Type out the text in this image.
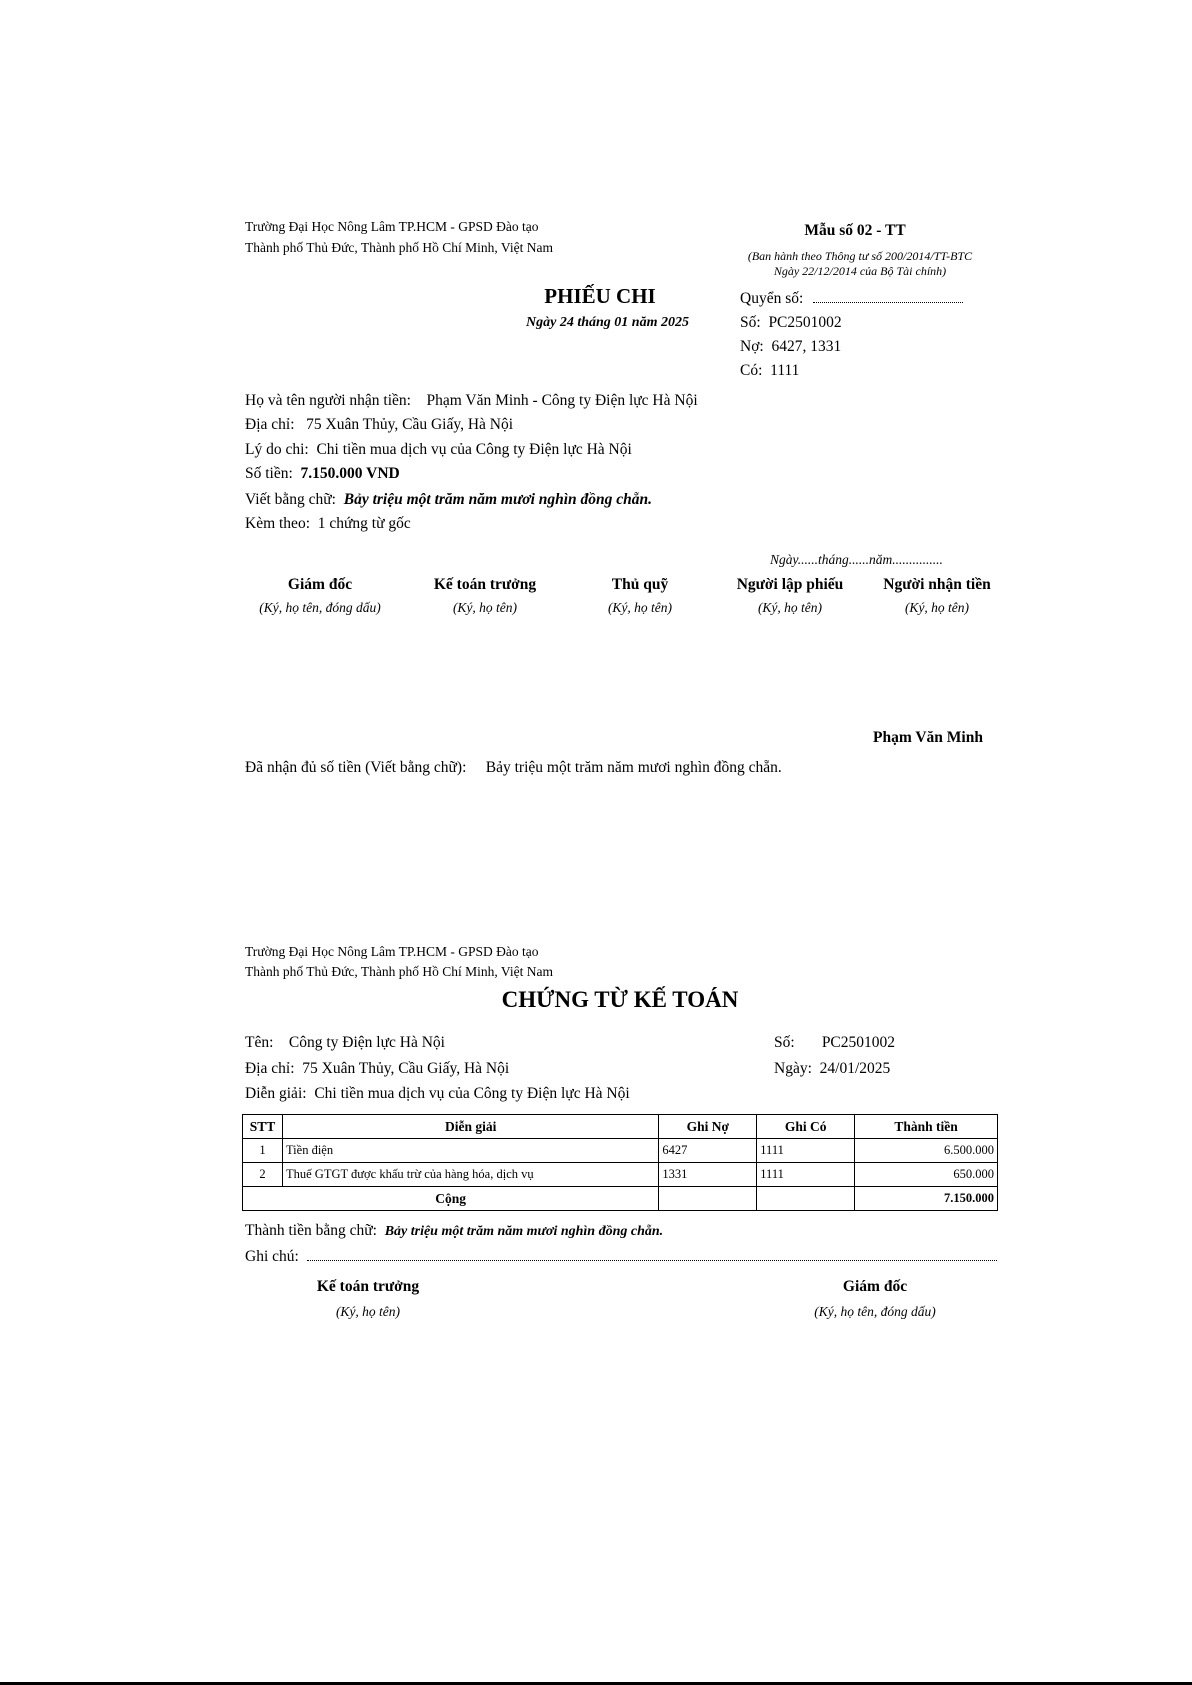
Trường Đại Học Nông Lâm TP.HCM - GPSD Đào tạo
Thành phố Thủ Đức, Thành phố Hồ Chí Minh, Việt Nam
Mẫu số 02 - TT
(Ban hành theo Thông tư số 200/2014/TT-BTC
Ngày 22/12/2014 của Bộ Tài chính)
PHIẾU CHI
Ngày 24 tháng 01 năm 2025
Quyển số:
Số: PC2501002
Nợ: 6427, 1331
Có: 1111
Họ và tên người nhận tiền: Phạm Văn Minh - Công ty Điện lực Hà Nội
Địa chỉ: 75 Xuân Thủy, Cầu Giấy, Hà Nội
Lý do chi: Chi tiền mua dịch vụ của Công ty Điện lực Hà Nội
Số tiền: 7.150.000 VND
Viết bằng chữ: Bảy triệu một trăm năm mươi nghìn đồng chẵn.
Kèm theo: 1 chứng từ gốc
Ngày......tháng......năm...............
Giám đốc
(Ký, họ tên, đóng dấu)
Kế toán trưởng
(Ký, họ tên)
Thủ quỹ
(Ký, họ tên)
Người lập phiếu
(Ký, họ tên)
Người nhận tiền
(Ký, họ tên)
Phạm Văn Minh
Đã nhận đủ số tiền (Viết bằng chữ): Bảy triệu một trăm năm mươi nghìn đồng chẵn.
Trường Đại Học Nông Lâm TP.HCM - GPSD Đào tạo
Thành phố Thủ Đức, Thành phố Hồ Chí Minh, Việt Nam
CHỨNG TỪ KẾ TOÁN
Tên: Công ty Điện lực Hà Nội	Số: PC2501002
Địa chỉ: 75 Xuân Thủy, Cầu Giấy, Hà Nội	Ngày: 24/01/2025
Diễn giải: Chi tiền mua dịch vụ của Công ty Điện lực Hà Nội
STT	Diễn giải	Ghi Nợ	Ghi Có	Thành tiền
1	Tiền điện	6427	1111	6.500.000
2	Thuế GTGT được khấu trừ của hàng hóa, dịch vụ	1331	1111	650.000
Cộng				7.150.000
Thành tiền bằng chữ: Bảy triệu một trăm năm mươi nghìn đồng chẵn.
Ghi chú:
Kế toán trưởng
(Ký, họ tên)
Giám đốc
(Ký, họ tên, đóng dấu)
